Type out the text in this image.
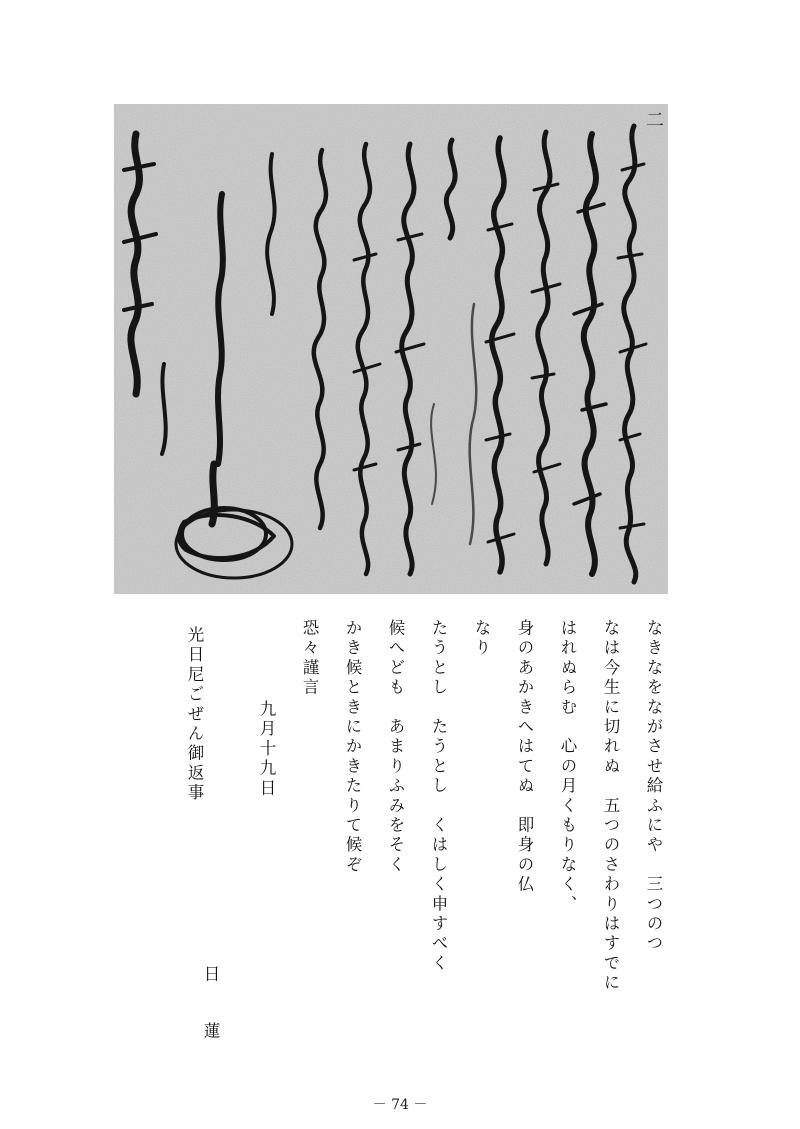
二
なきなをながさせ給ふにや　三つのつ
なは今生に切れぬ　五つのさわりはすでに
はれぬらむ　心の月くもりなく、
身のあかきへはてぬ　即身の仏
なり
たうとし　たうとし　くはしく申すべく
候へども　あまりふみをそく
かき候ときにかきたりて候ぞ
恐々謹言
九月十九日
光日尼ごぜん御返事
日　蓮
－ 74 －
